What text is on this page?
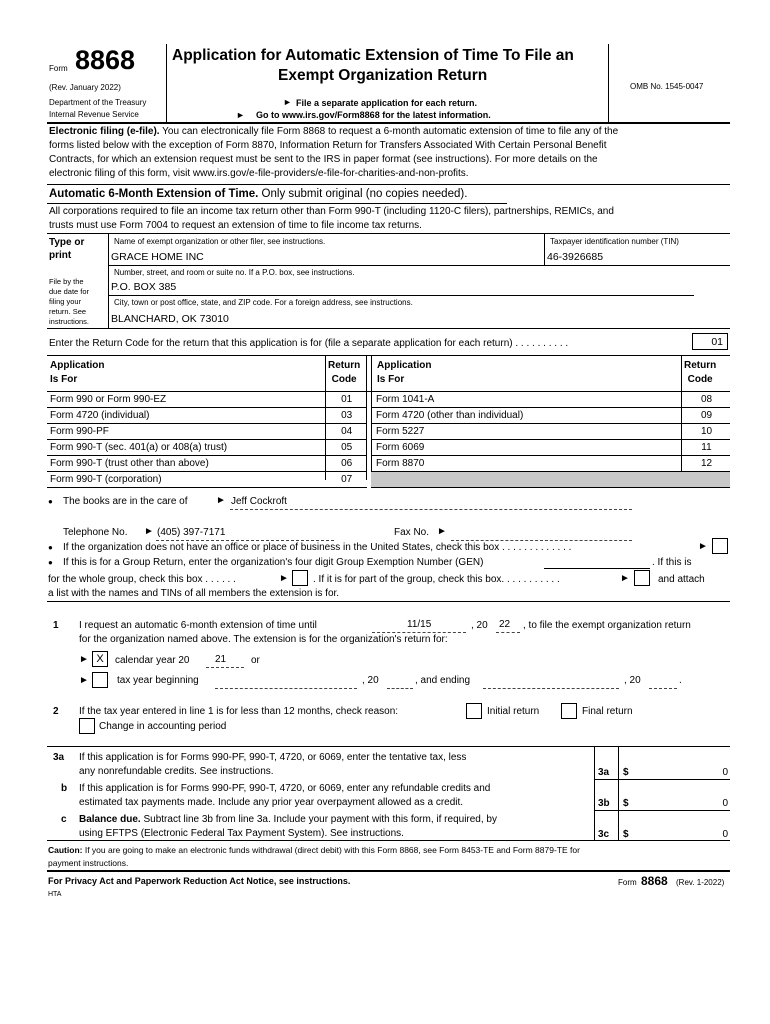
Form 8868
(Rev. January 2022)
Department of the Treasury
Internal Revenue Service
Application for Automatic Extension of Time To File an
Exempt Organization Return
► File a separate application for each return.
► Go to www.irs.gov/Form8868 for the latest information.
OMB No. 1545-0047
Electronic filing (e-file). You can electronically file Form 8868 to request a 6-month automatic extension of time to file any of the
forms listed below with the exception of Form 8870, Information Return for Transfers Associated With Certain Personal Benefit
Contracts, for which an extension request must be sent to the IRS in paper format (see instructions). For more details on the
electronic filing of this form, visit www.irs.gov/e-file-providers/e-file-for-charities-and-non-profits.
Automatic 6-Month Extension of Time. Only submit original (no copies needed).
All corporations required to file an income tax return other than Form 990-T (including 1120-C filers), partnerships, REMICs, and
trusts must use Form 7004 to request an extension of time to file income tax returns.
Type or
print
File by the
due date for
filing your
return. See
instructions.
Name of exempt organization or other filer, see instructions.
GRACE HOME INC
Taxpayer identification number (TIN)
46-3926685
Number, street, and room or suite no. If a P.O. box, see instructions.
P.O. BOX 385
City, town or post office, state, and ZIP code. For a foreign address, see instructions.
BLANCHARD, OK 73010
Enter the Return Code for the return that this application is for (file a separate application for each return) . . . . . . . . . .	01
Application
Is For
Return
Code
Application
Is For
Return
Code
Form 990 or Form 990-EZ	01
Form 4720 (individual)	03
Form 990-PF	04
Form 990-T (sec. 401(a) or 408(a) trust)	05
Form 990-T (trust other than above)	06
Form 990-T (corporation)	07
Form 1041-A	08
Form 4720 (other than individual)	09
Form 5227	10
Form 6069	11
Form 8870	12
● The books are in the care of	► Jeff Cockroft
Telephone No. ► (405) 397-7171	Fax No. ►
● If the organization does not have an office or place of business in the United States, check this box . . . . . . . . . . . . .	►
● If this is for a Group Return, enter the organization's four digit Group Exemption Number (GEN)	. If this is
for the whole group, check this box . . . . . .	► . If it is for part of the group, check this box. . . . . . . . . . .	►	and attach
a list with the names and TINs of all members the extension is for.
1 I request an automatic 6-month extension of time until	11/15	, 20 22 , to file the exempt organization return
for the organization named above. The extension is for the organization's return for:
► X	calendar year 20	21 or
►	tax year beginning	, 20	, and ending	, 20	.
2 If the tax year entered in line 1 is for less than 12 months, check reason:	Initial return	Final return
Change in accounting period
3a If this application is for Forms 990-PF, 990-T, 4720, or 6069, enter the tentative tax, less
any nonrefundable credits. See instructions.	3a $	0
b If this application is for Forms 990-PF, 990-T, 4720, or 6069, enter any refundable credits and
estimated tax payments made. Include any prior year overpayment allowed as a credit.	3b $	0
c Balance due. Subtract line 3b from line 3a. Include your payment with this form, if required, by
using EFTPS (Electronic Federal Tax Payment System). See instructions.	3c $	0
Caution: If you are going to make an electronic funds withdrawal (direct debit) with this Form 8868, see Form 8453-TE and Form 8879-TE for
payment instructions.
For Privacy Act and Paperwork Reduction Act Notice, see instructions.	Form 8868 (Rev. 1-2022)
HTA
